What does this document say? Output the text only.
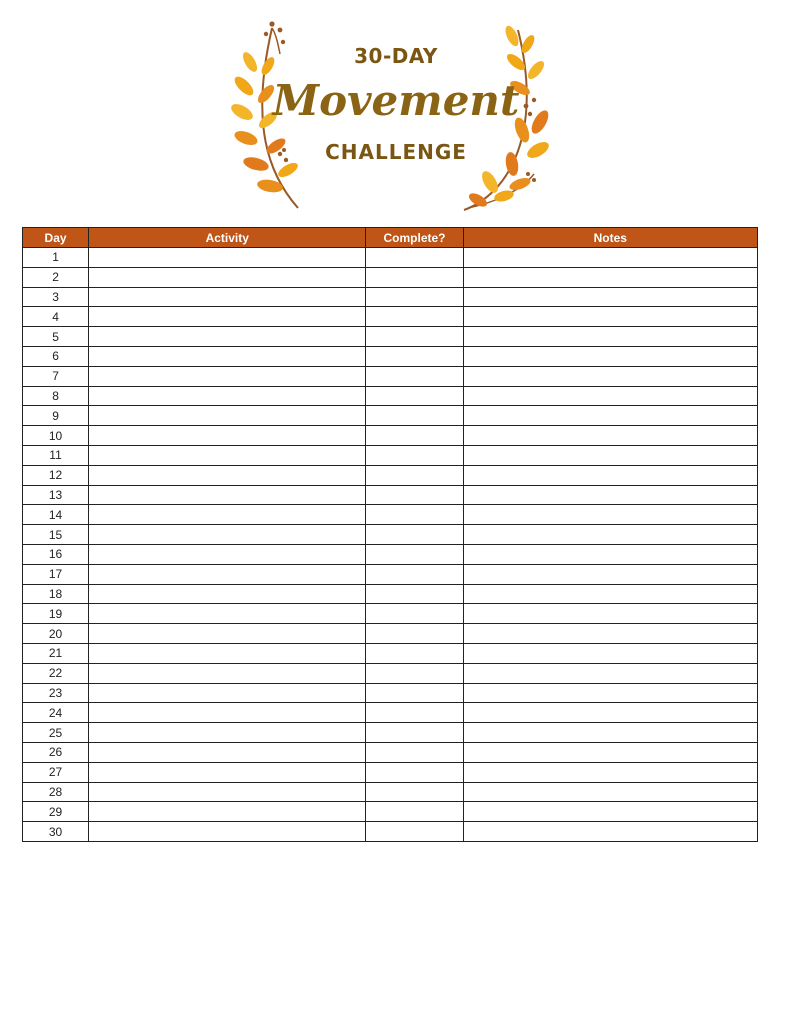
30-DAY
Movement
CHALLENGE
Day	Activity	Complete?	Notes
1			
2			
3			
4			
5			
6			
7			
8			
9			
10			
11			
12			
13			
14			
15			
16			
17			
18			
19			
20			
21			
22			
23			
24			
25			
26			
27			
28			
29			
30			
